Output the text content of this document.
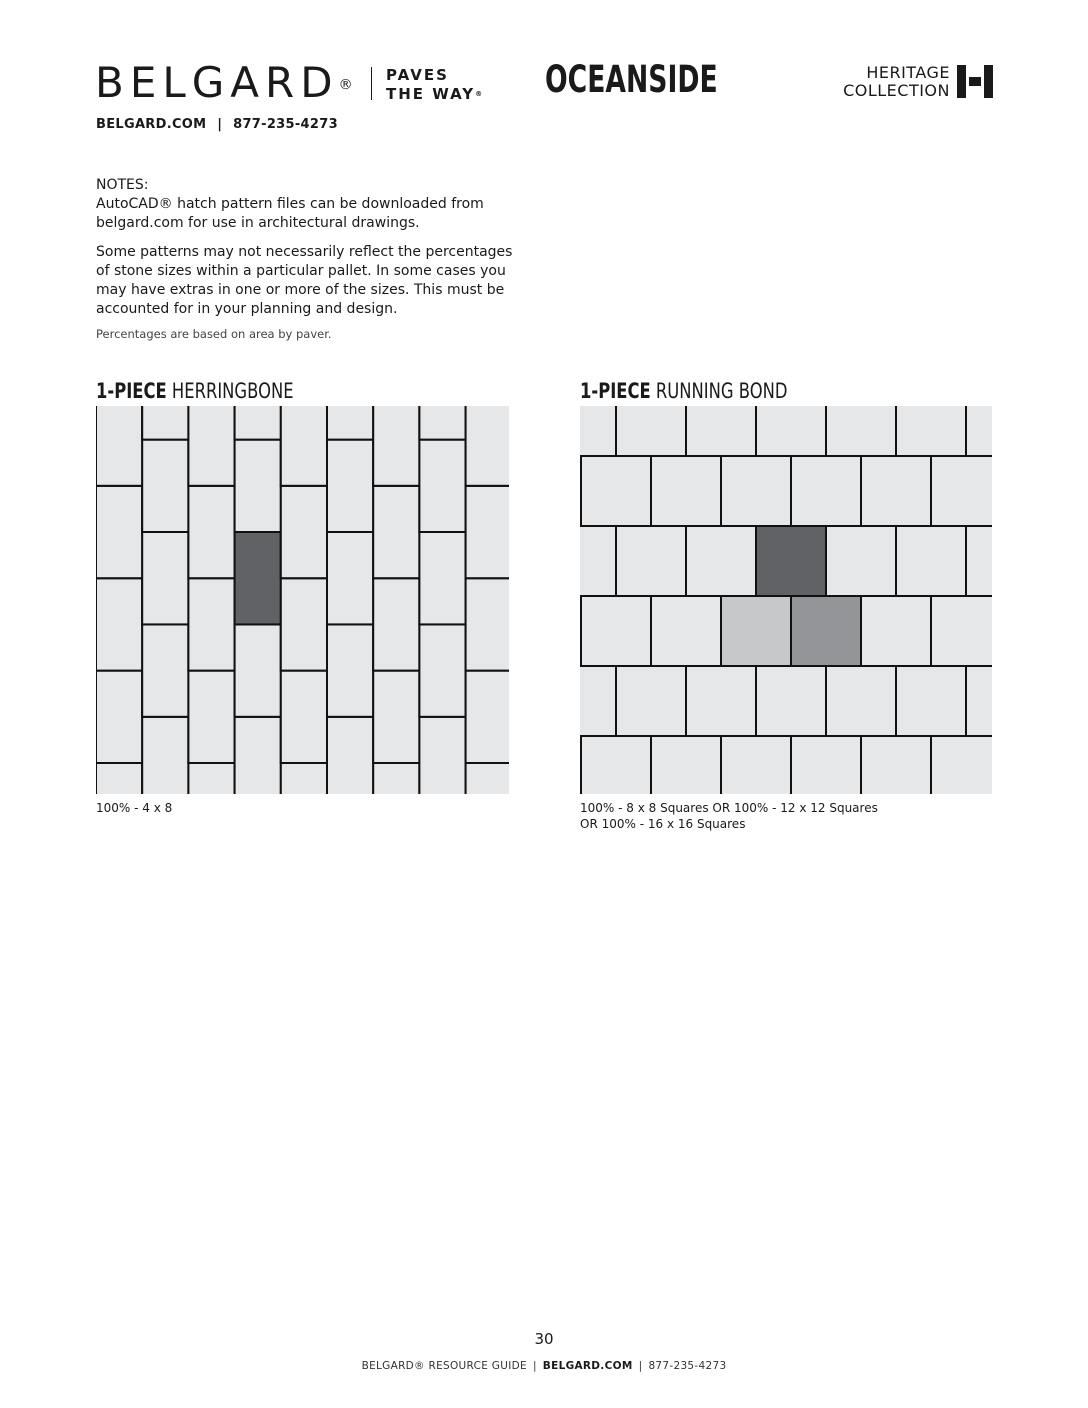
BELGARD®
PAVES
THE WAY® OCEANSIDE	HERITAGE
COLLECTION
BELGARD.COM | 877-235-4273

NOTES:

AutoCAD® hatch pattern files can be downloaded from belgard.com for use in architectural drawings.

Some patterns may not necessarily reflect the percentages of stone sizes within a particular pallet. In some cases you may have extras in one or more of the sizes. This must be accounted for in your planning and design.

Percentages are based on area by paver.

1-PIECE HERRINGBONE
100% - 4 x 8
1-PIECE RUNNING BOND
100% - 8 x 8 Squares OR 100% - 12 x 12 Squares
OR 100% - 16 x 16 Squares
30
BELGARD® RESOURCE GUIDE | BELGARD.COM | 877-235-4273
